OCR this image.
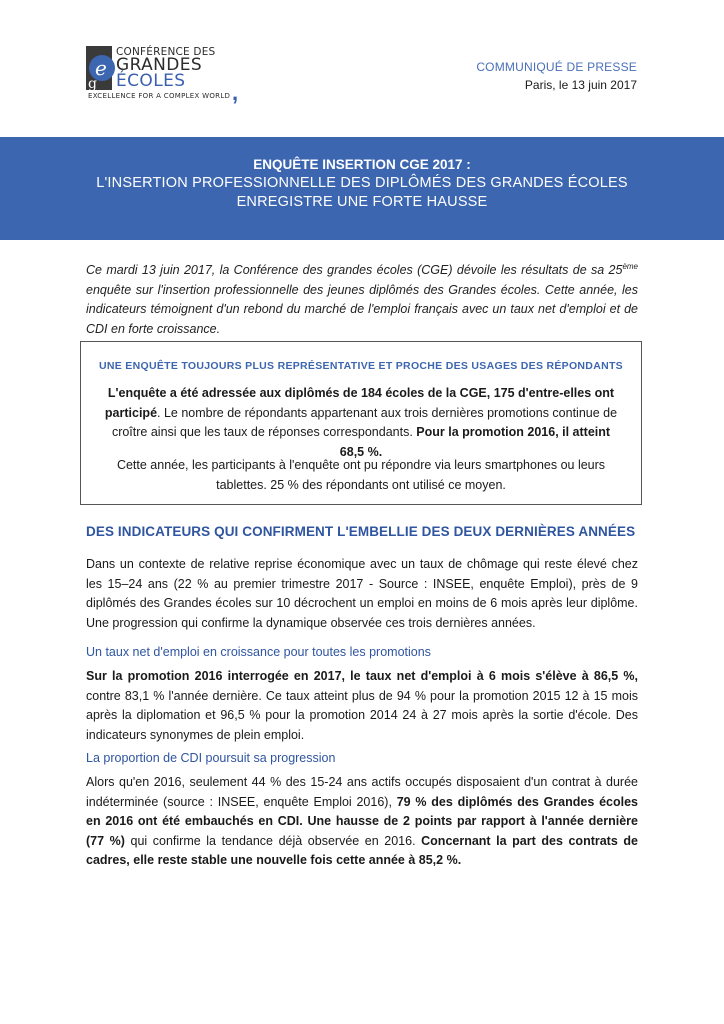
e
g
CONFÉRENCE DES
GRANDES
ÉCOLES ,
EXCELLENCE FOR A COMPLEX WORLD
COMMUNIQUÉ DE PRESSE
Paris, le 13 juin 2017
ENQUÊTE INSERTION CGE 2017 :
L'INSERTION PROFESSIONNELLE DES DIPLÔMÉS DES GRANDES ÉCOLES
ENREGISTRE UNE FORTE HAUSSE
Ce mardi 13 juin 2017, la Conférence des grandes écoles (CGE) dévoile les résultats de sa 25ème enquête sur l'insertion professionnelle des jeunes diplômés des Grandes écoles. Cette année, les indicateurs témoignent d'un rebond du marché de l'emploi français avec un taux net d'emploi et de CDI en forte croissance.
UNE ENQUÊTE TOUJOURS PLUS REPRÉSENTATIVE ET PROCHE DES USAGES DES RÉPONDANTS
L'enquête a été adressée aux diplômés de 184 écoles de la CGE, 175 d'entre-elles ont participé. Le nombre de répondants appartenant aux trois dernières promotions continue de croître ainsi que les taux de réponses correspondants. Pour la promotion 2016, il atteint 68,5 %.
Cette année, les participants à l'enquête ont pu répondre via leurs smartphones ou leurs tablettes. 25 % des répondants ont utilisé ce moyen.
DES INDICATEURS QUI CONFIRMENT L'EMBELLIE DES DEUX DERNIÈRES ANNÉES
Dans un contexte de relative reprise économique avec un taux de chômage qui reste élevé chez les 15–24 ans (22 % au premier trimestre 2017 - Source : INSEE, enquête Emploi), près de 9 diplômés des Grandes écoles sur 10 décrochent un emploi en moins de 6 mois après leur diplôme. Une progression qui confirme la dynamique observée ces trois dernières années.
Un taux net d'emploi en croissance pour toutes les promotions
Sur la promotion 2016 interrogée en 2017, le taux net d'emploi à 6 mois s'élève à 86,5 %, contre 83,1 % l'année dernière. Ce taux atteint plus de 94 % pour la promotion 2015 12 à 15 mois après la diplomation et 96,5 % pour la promotion 2014 24 à 27 mois après la sortie d'école. Des indicateurs synonymes de plein emploi.
La proportion de CDI poursuit sa progression
Alors qu'en 2016, seulement 44 % des 15-24 ans actifs occupés disposaient d'un contrat à durée indéterminée (source : INSEE, enquête Emploi 2016), 79 % des diplômés des Grandes écoles en 2016 ont été embauchés en CDI. Une hausse de 2 points par rapport à l'année dernière (77 %) qui confirme la tendance déjà observée en 2016. Concernant la part des contrats de cadres, elle reste stable une nouvelle fois cette année à 85,2 %.
